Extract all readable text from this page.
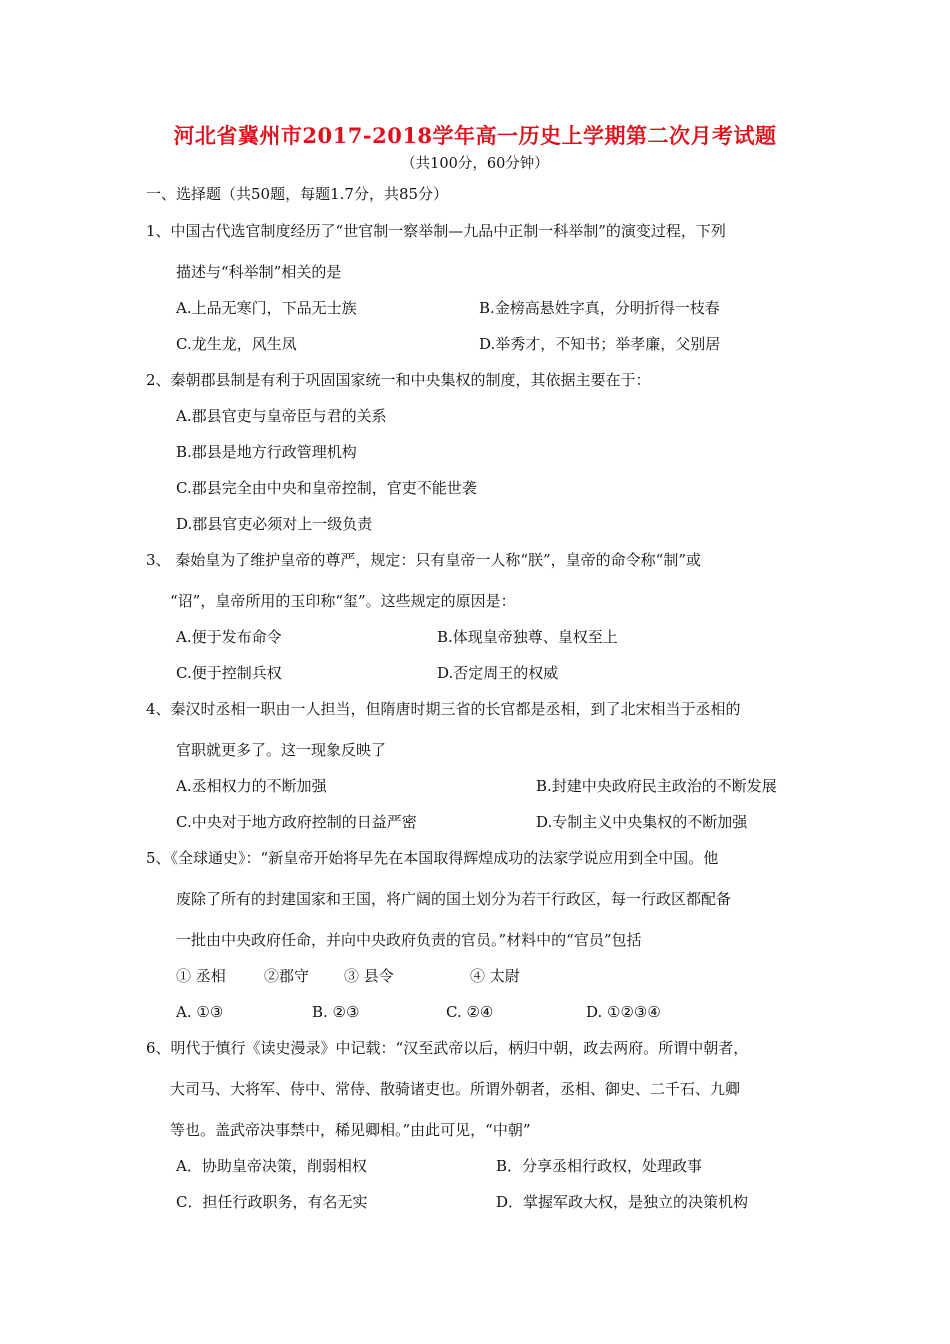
河北省冀州市2017-2018学年高一历史上学期第二次月考试题
（共100分，60分钟）
一、选择题（共50题，每题1.7分，共85分）
1、中国古代选官制度经历了“世官制一察举制—九品中正制一科举制”的演变过程，下列
描述与“科举制”相关的是
A.上品无寒门，下品无士族	B.金榜高悬姓字真，分明折得一枝春
C.龙生龙，风生凤	D.举秀才，不知书；举孝廉，父别居
2、秦朝郡县制是有利于巩固国家统一和中央集权的制度，其依据主要在于：
A.郡县官吏与皇帝臣与君的关系
B.郡县是地方行政管理机构
C.郡县完全由中央和皇帝控制，官吏不能世袭
D.郡县官吏必须对上一级负责
3、 秦始皇为了维护皇帝的尊严，规定：只有皇帝一人称“朕”，皇帝的命令称“制”或
“诏”，皇帝所用的玉印称“玺”。这些规定的原因是：
A.便于发布命令	B.体现皇帝独尊、皇权至上
C.便于控制兵权	D.否定周王的权威
4、秦汉时丞相一职由一人担当，但隋唐时期三省的长官都是丞相，到了北宋相当于丞相的
官职就更多了。这一现象反映了
A.丞相权力的不断加强	B.封建中央政府民主政治的不断发展
C.中央对于地方政府控制的日益严密	D.专制主义中央集权的不断加强
5、《全球通史》：“新皇帝开始将早先在本国取得辉煌成功的法家学说应用到全中国。他
废除了所有的封建国家和王国，将广阔的国土划分为若干行政区，每一行政区都配备
一批由中央政府任命，并向中央政府负责的官员。”材料中的“官员”包括
① 丞相	②郡守 ③ 县令	④ 太尉
A. ①③	B. ②③	C. ②④	D. ①②③④
6、明代于慎行《读史漫录》中记载：“汉至武帝以后，柄归中朝，政去两府。所谓中朝者，
大司马、大将军、侍中、常侍、散骑诸吏也。所谓外朝者，丞相、御史、二千石、九卿
等也。盖武帝决事禁中，稀见卿相。”由此可见，“中朝”
A．协助皇帝决策，削弱相权	B．分享丞相行政权，处理政事
C．担任行政职务，有名无实	D．掌握军政大权，是独立的决策机构
